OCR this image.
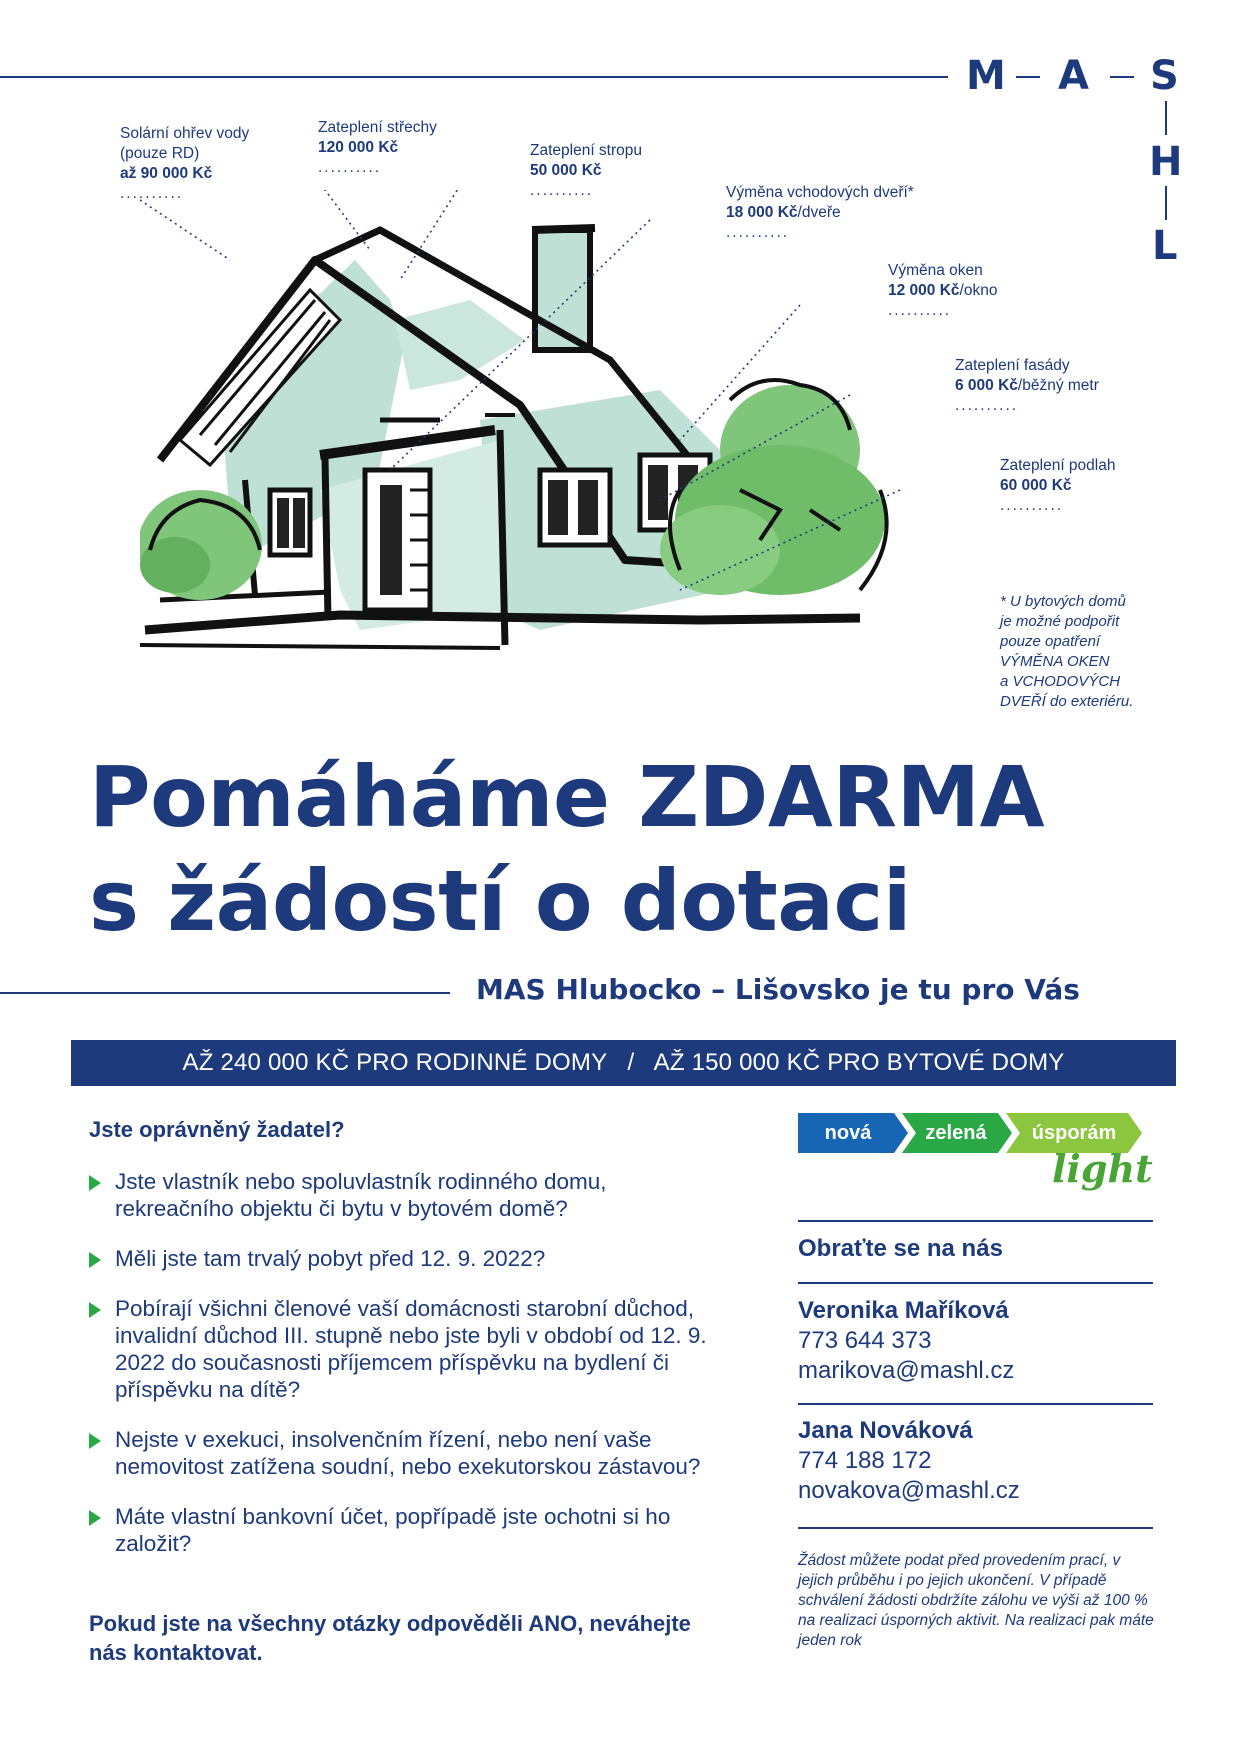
M A S
H
L
Solární ohřev vody
(pouze RD)
až 90 000 Kč
..........
Zateplení střechy
120 000 Kč
..........
Zateplení stropu
50 000 Kč
..........	Výměna vchodových dveří*
18 000 Kč/dveře
..........
Výměna oken
12 000 Kč/okno
..........
Zateplení fasády
6 000 Kč/běžný metr
..........
Zateplení podlah
60 000 Kč
..........
* U bytových domů
je možné podpořit
pouze opatření
VÝMĚNA OKEN
a VCHODOVÝCH
DVEŘÍ do exteriéru.
Pomáháme ZDARMA
s žádostí o dotaci
MAS Hlubocko – Lišovsko je tu pro Vás
AŽ 240 000 KČ PRO RODINNÉ DOMY   /   AŽ 150 000 KČ PRO BYTOVÉ DOMY
Jste oprávněný žadatel?
Jste vlastník nebo spoluvlastník rodinného domu, rekreačního objektu či bytu v bytovém domě?
Měli jste tam trvalý pobyt před 12. 9. 2022?
Pobírají všichni členové vaší domácnosti starobní důchod, invalidní důchod III. stupně nebo jste byli v období od 12. 9. 2022 do současnosti příjemcem příspěvku na bydlení či příspěvku na dítě?
Nejste v exekuci, insolvenčním řízení, nebo není vaše nemovitost zatížena soudní, nebo exekutorskou zástavou?
Máte vlastní bankovní účet, popřípadě jste ochotni si ho založit?
Pokud jste na všechny otázky odpověděli ANO, neváhejte nás kontaktovat.
nová	zelená	úsporám
light
Obraťte se na nás
Veronika Maříková
773 644 373
marikova@mashl.cz
Jana Nováková
774 188 172
novakova@mashl.cz
Žádost můžete podat před provedením prací, v jejich průběhu i po jejich ukončení. V případě schválení žádosti obdržíte zálohu ve výši až 100 % na realizaci úsporných aktivit. Na realizaci pak máte jeden rok
